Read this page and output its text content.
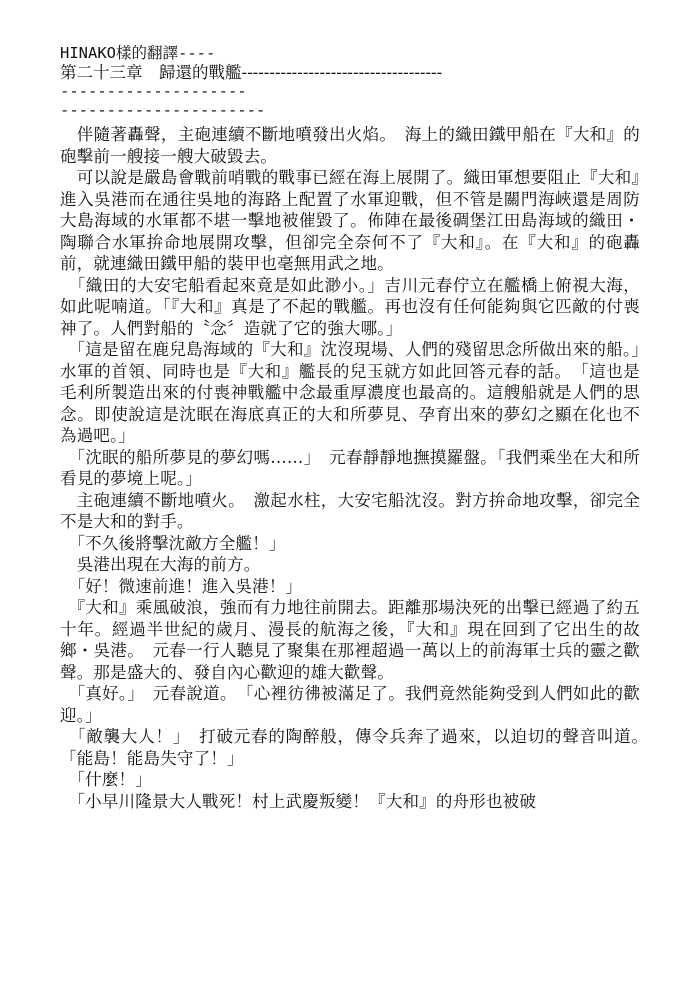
HINAKO樣的翻譯----

第二十三章　歸還的戰艦------------------------------------

--------------------

----------------------

　伴隨著轟聲，主砲連續不斷地噴發出火焰。　海上的織田鐵甲船在『大和』的砲擊前一艘接一艘大破毀去。

　可以說是嚴島會戰前哨戰的戰事已經在海上展開了。織田軍想要阻止『大和』進入吳港而在通往吳地的海路上配置了水軍迎戰，但不管是關門海峽還是周防大島海域的水軍都不堪一擊地被催毀了。佈陣在最後碉堡江田島海域的織田・陶聯合水軍拚命地展開攻擊，但卻完全奈何不了『大和』。在『大和』的砲轟前，就連織田鐵甲船的裝甲也毫無用武之地。

　「織田的大安宅船看起來竟是如此渺小。」吉川元春佇立在艦橋上俯視大海，如此呢喃道。「『大和』真是了不起的戰艦。再也沒有任何能夠與它匹敵的付喪神了。人們對船的〝念〞造就了它的強大哪。」

　「這是留在鹿兒島海域的『大和』沈沒現場、人們的殘留思念所做出來的船。」　水軍的首領、同時也是『大和』艦長的兒玉就方如此回答元春的話。　「這也是毛利所製造出來的付喪神戰艦中念最重厚濃度也最高的。這艘船就是人們的思念。即使說這是沈眠在海底真正的大和所夢見、孕育出來的夢幻之顯在化也不為過吧。」

　「沈眠的船所夢見的夢幻嗎……」　元春靜靜地撫摸羅盤。「我們乘坐在大和所看見的夢境上呢。」

　主砲連續不斷地噴火。　激起水柱，大安宅船沈沒。對方拚命地攻擊，卻完全不是大和的對手。

　「不久後將擊沈敵方全艦！」

　吳港出現在大海的前方。

　「好！微速前進！進入吳港！」

　『大和』乘風破浪，強而有力地往前開去。距離那場決死的出擊已經過了約五十年。經過半世紀的歲月、漫長的航海之後，『大和』現在回到了它出生的故鄉・吳港。　元春一行人聽見了聚集在那裡超過一萬以上的前海軍士兵的靈之歡聲。那是盛大的、發自內心歡迎的雄大歡聲。

　「真好。」　元春說道。　「心裡彷彿被滿足了。我們竟然能夠受到人們如此的歡迎。」

　「敵襲大人！」　打破元春的陶醉般，傳令兵奔了過來，以迫切的聲音叫道。　「能島！能島失守了！」

　「什麼！」

　「小早川隆景大人戰死！村上武慶叛變！『大和』的舟形也被破
